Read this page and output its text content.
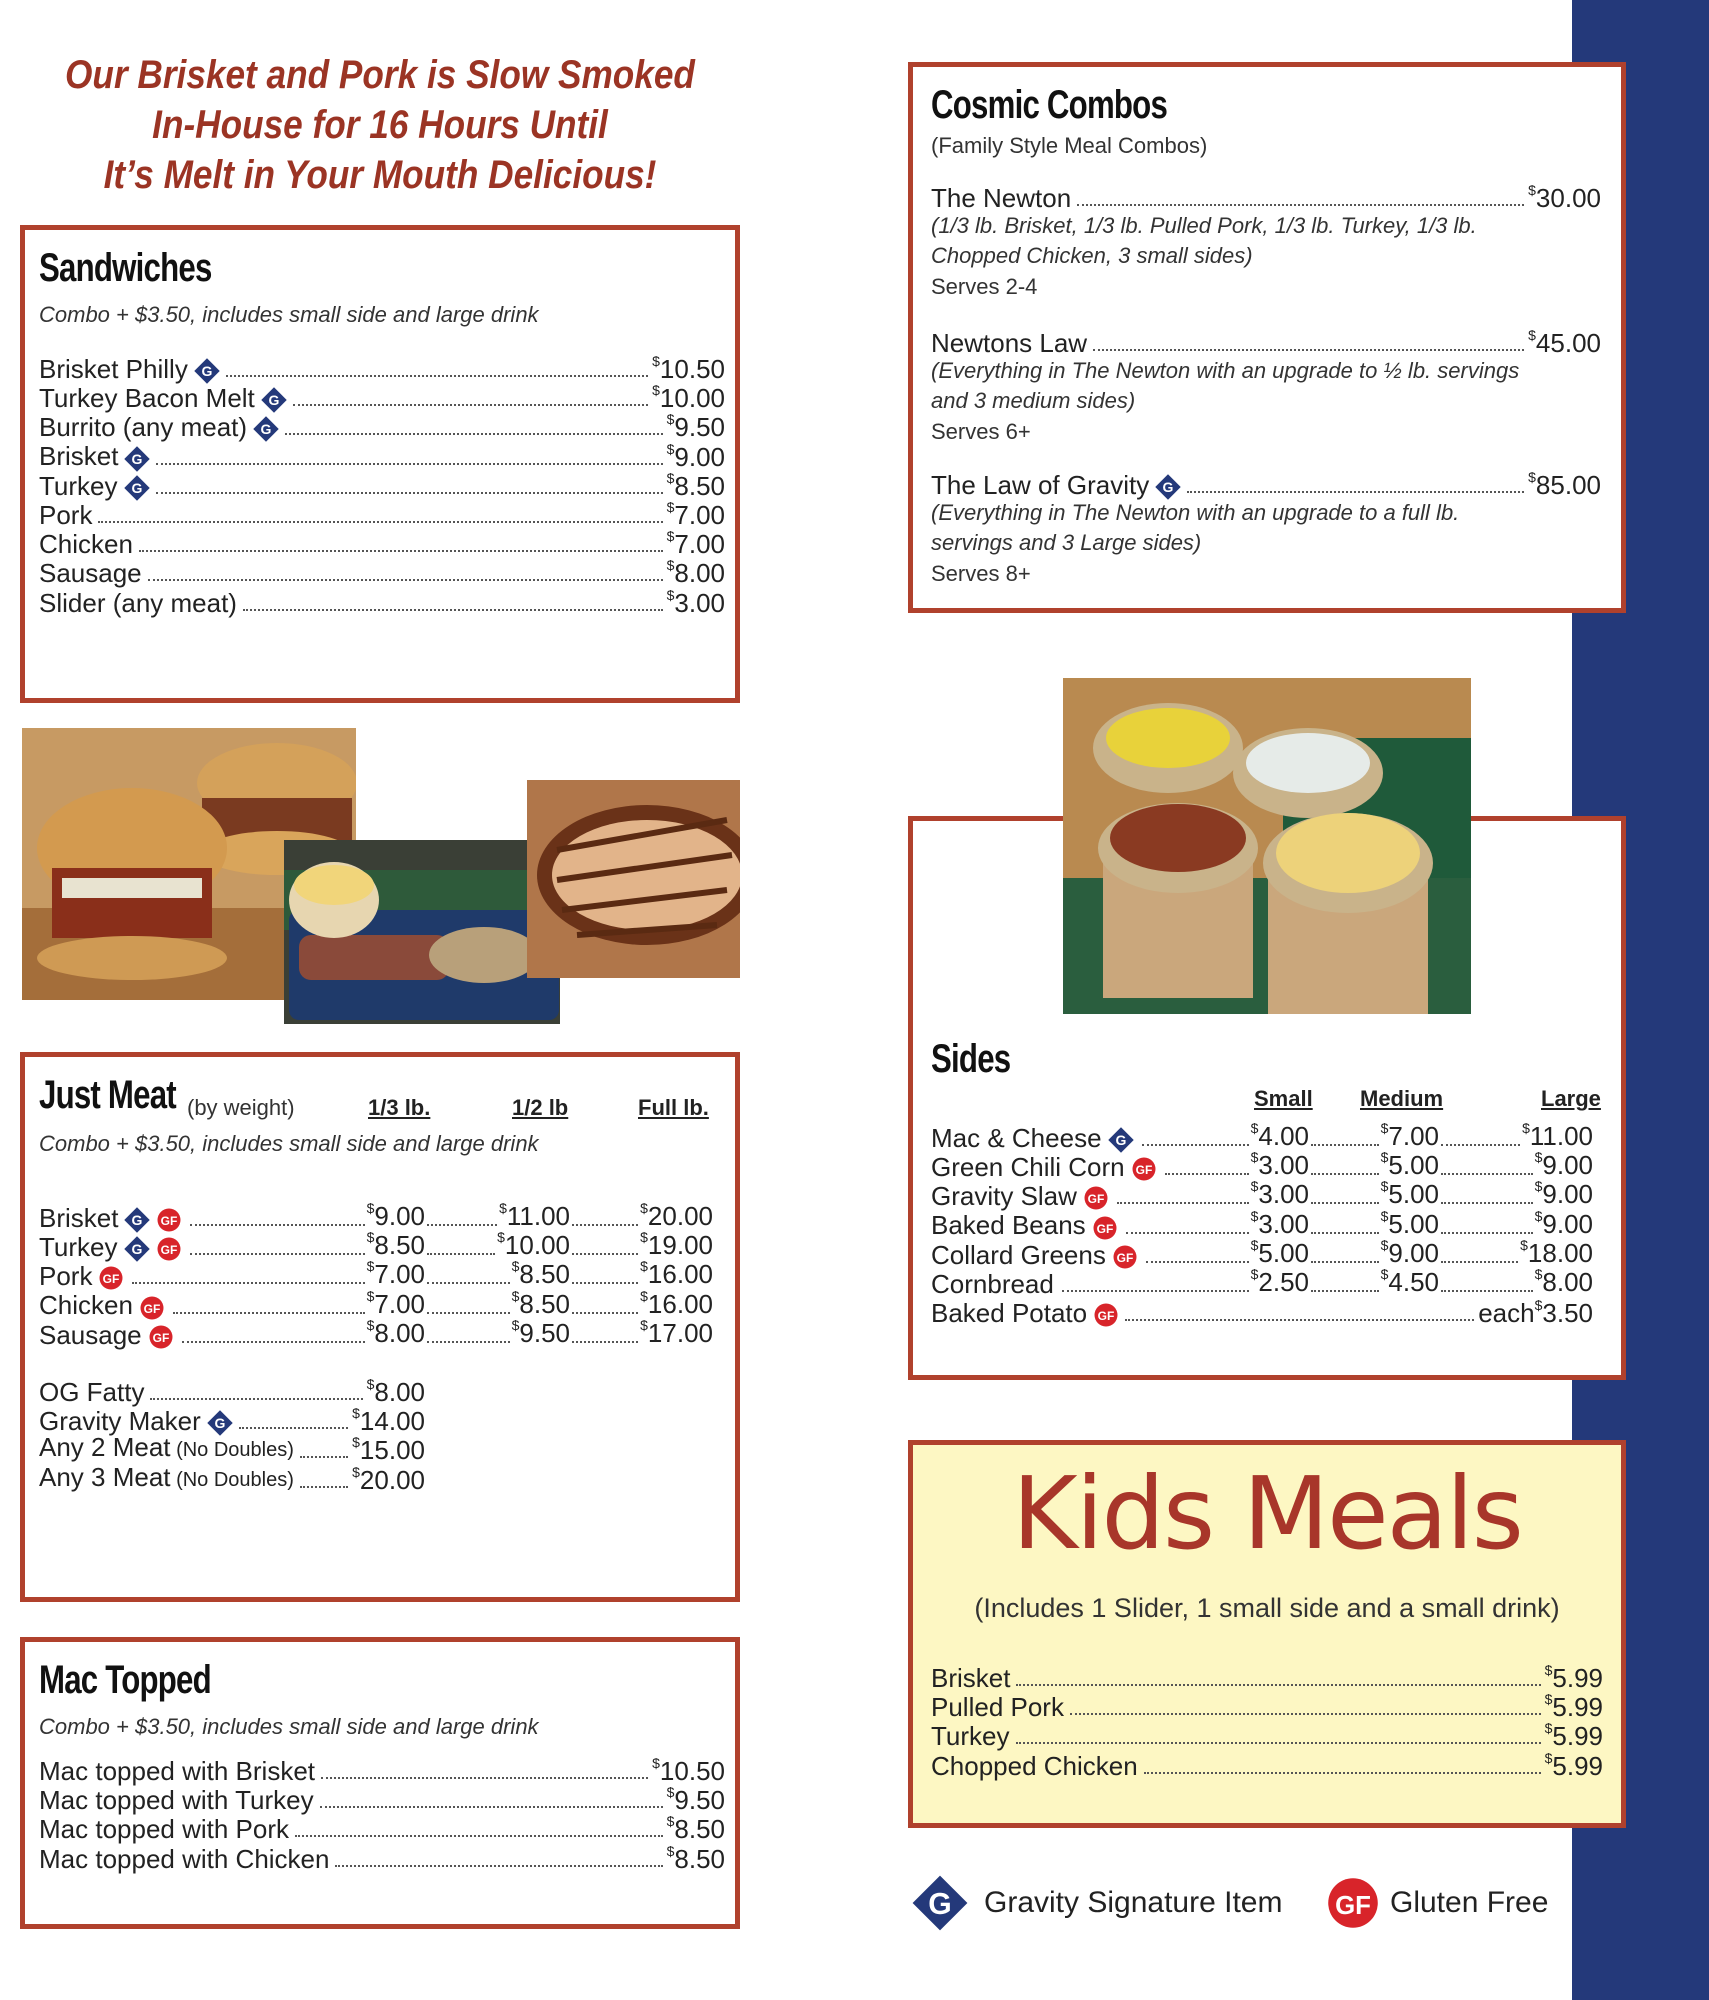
Our Brisket and Pork is Slow Smoked
In-House for 16 Hours Until
It’s Melt in Your Mouth Delicious!
Sandwiches
Combo + $3.50, includes small side and large drink
Brisket Philly	$10.50
Turkey Bacon Melt	$10.00
Burrito (any meat)	$9.50
Brisket	$9.00
Turkey	$8.50
Pork	$7.00
Chicken	$7.00
Sausage	$8.00
Slider (any meat)	$3.00
Just Meat (by weight)	1/3 lb.	1/2 lb	Full lb.
Combo + $3.50, includes small side and large drink
Brisket	$9.00	$11.00	$20.00
Turkey	$8.50	$10.00	$19.00
Pork	$7.00	$8.50	$16.00
Chicken	$7.00	$8.50	$16.00
Sausage	$8.00	$9.50	$17.00
OG Fatty	$8.00
Gravity Maker	$14.00
Any 2 Meat (No Doubles)	$15.00
Any 3 Meat (No Doubles)	$20.00
Mac Topped
Combo + $3.50, includes small side and large drink
Mac topped with Brisket	$10.50
Mac topped with Turkey	$9.50
Mac topped with Pork	$8.50
Mac topped with Chicken	$8.50
Cosmic Combos
(Family Style Meal Combos)
The Newton	$30.00
(1/3 lb. Brisket, 1/3 lb. Pulled Pork, 1/3 lb. Turkey, 1/3 lb.
Chopped Chicken, 3 small sides)
Serves 2-4
Newtons Law	$45.00
(Everything in The Newton with an upgrade to ½ lb. servings
and 3 medium sides)
Serves 6+
The Law of Gravity	$85.00
(Everything in The Newton with an upgrade to a full lb.
servings and 3 Large sides)
Serves 8+
Sides
Small Medium	Large
Mac & Cheese	$4.00	$7.00	$11.00
Green Chili Corn	$3.00	$5.00	$9.00
Gravity Slaw	$3.00	$5.00	$9.00
Baked Beans	$3.00	$5.00	$9.00
Collard Greens	$5.00	$9.00	$18.00
Cornbread	$2.50	$4.50	$8.00
Baked Potato	each $3.50
Kids Meals
(Includes 1 Slider, 1 small side and a small drink)
Brisket	$5.99
Pulled Pork	$5.99
Turkey	$5.99
Chopped Chicken	$5.99
Gravity Signature Item	Gluten Free
